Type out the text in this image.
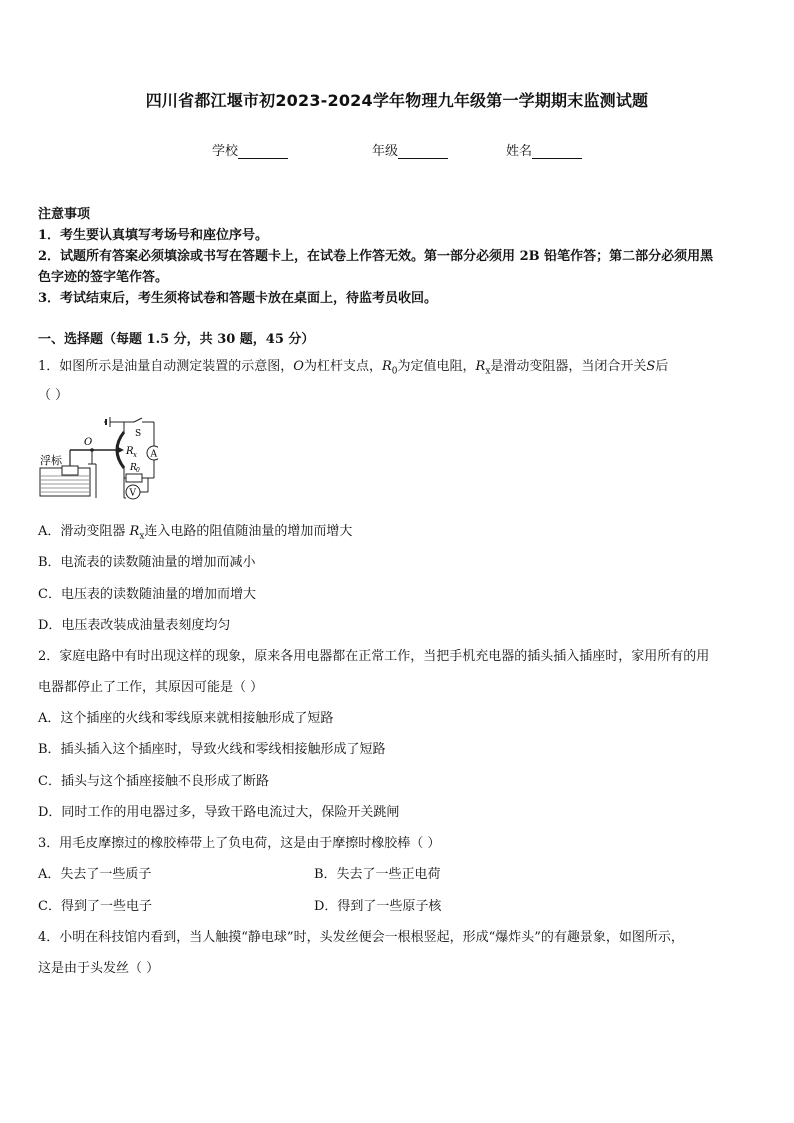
四川省都江堰市初2023-2024学年物理九年级第一学期期末监测试题
学校	年级	姓名
注意事项
1．考生要认真填写考场号和座位序号。
2．试题所有答案必须填涂或书写在答题卡上，在试卷上作答无效。第一部分必须用 2B 铅笔作答；第二部分必须用黑
色字迹的签字笔作答。
3．考试结束后，考生须将试卷和答题卡放在桌面上，待监考员收回。
一、选择题（每题 1.5 分，共 30 题，45 分）
1．如图所示是油量自动测定装置的示意图，O为杠杆支点，$R_0$为定值电阻，$R_x$是滑动变阻器，当闭合开关S后
（ ）
浮标
O
R x
S
A
R 0
V
A．滑动变阻器 $R_x$连入电路的阻值随油量的增加而增大
B．电流表的读数随油量的增加而减小
C．电压表的读数随油量的增加而增大
D．电压表改装成油量表刻度均匀
2．家庭电路中有时出现这样的现象，原来各用电器都在正常工作，当把手机充电器的插头插入插座时，家用所有的用
电器都停止了工作，其原因可能是（ ）
A．这个插座的火线和零线原来就相接触形成了短路
B．插头插入这个插座时，导致火线和零线相接触形成了短路
C．插头与这个插座接触不良形成了断路
D．同时工作的用电器过多，导致干路电流过大，保险开关跳闸
3．用毛皮摩擦过的橡胶棒带上了负电荷，这是由于摩擦时橡胶棒（ ）
A．失去了一些质子	B．失去了一些正电荷
C．得到了一些电子	D．得到了一些原子核
4．小明在科技馆内看到，当人触摸“静电球”时，头发丝便会一根根竖起，形成“爆炸头”的有趣景象，如图所示，
这是由于头发丝（ ）
